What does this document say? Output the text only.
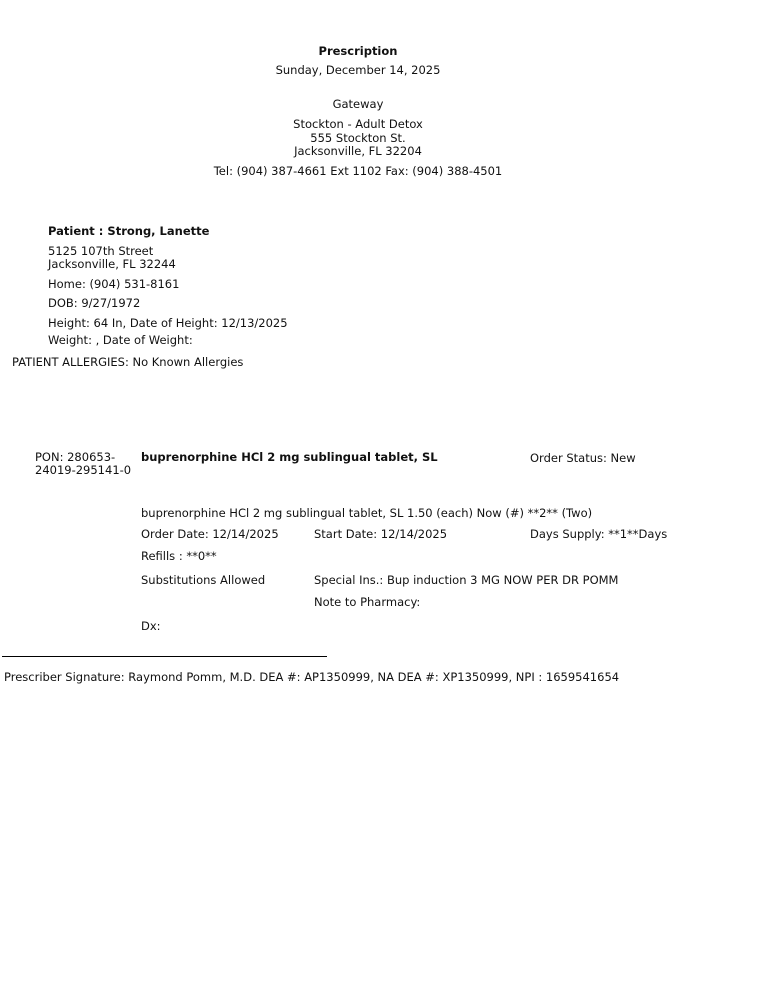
Prescription
Sunday, December 14, 2025
Gateway
Stockton - Adult Detox
555 Stockton St.
Jacksonville, FL 32204
Tel: (904) 387-4661 Ext 1102 Fax: (904) 388-4501
Patient : Strong, Lanette
5125 107th Street
Jacksonville, FL 32244
Home: (904) 531-8161
DOB: 9/27/1972
Height: 64 In, Date of Height: 12/13/2025
Weight: , Date of Weight:
PATIENT ALLERGIES: No Known Allergies
PON: 280653-24019-295141-0
buprenorphine HCl 2 mg sublingual tablet, SL	Order Status: New
buprenorphine HCl 2 mg sublingual tablet, SL 1.50 (each) Now (#) **2** (Two)
Order Date: 12/14/2025	Start Date: 12/14/2025	Days Supply: **1**Days
Refills : **0**
Substitutions Allowed	Special Ins.: Bup induction 3 MG NOW PER DR POMM
Note to Pharmacy:
Dx:
Prescriber Signature: Raymond Pomm, M.D. DEA #: AP1350999, NA DEA #: XP1350999, NPI : 1659541654
